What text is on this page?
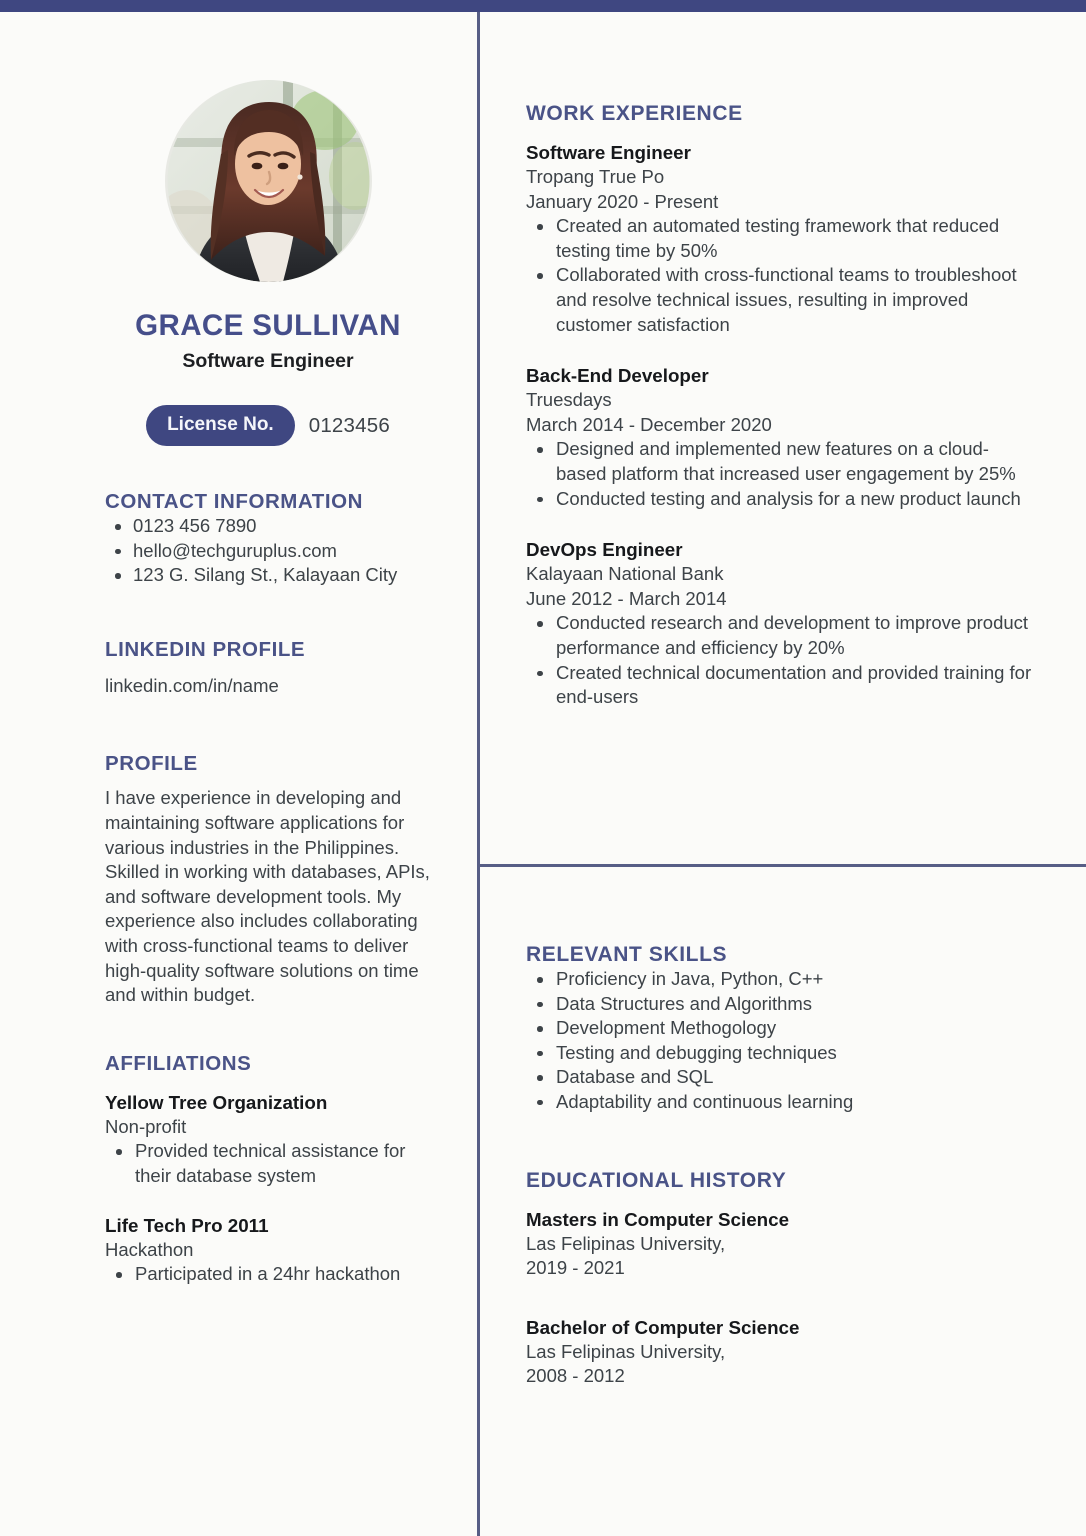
GRACE SULLIVAN
Software Engineer
License No.	0123456
CONTACT INFORMATION
0123 456 7890
hello@techguruplus.com
123 G. Silang St., Kalayaan City
LINKEDIN PROFILE
linkedin.com/in/name
PROFILE
I have experience in developing and maintaining software applications for various industries in the Philippines. Skilled in working with databases, APIs, and software development tools. My experience also includes collaborating with cross-functional teams to deliver high-quality software solutions on time and within budget.
AFFILIATIONS
Yellow Tree Organization
Non-profit
Provided technical assistance for their database system
Life Tech Pro 2011
Hackathon
Participated in a 24hr hackathon
WORK EXPERIENCE
Software Engineer
Tropang True Po
January 2020 - Present
Created an automated testing framework that reduced testing time by 50%
Collaborated with cross-functional teams to troubleshoot and resolve technical issues, resulting in improved customer satisfaction
Back-End Developer
Truesdays
March 2014 - December 2020
Designed and implemented new features on a cloud-based platform that increased user engagement by 25%
Conducted testing and analysis for a new product launch
DevOps Engineer
Kalayaan National Bank
June 2012 - March 2014
Conducted research and development to improve product performance and efficiency by 20%
Created technical documentation and provided training for end-users
RELEVANT SKILLS
Proficiency in Java, Python, C++
Data Structures and Algorithms
Development Methogology
Testing and debugging techniques
Database and SQL
Adaptability and continuous learning
EDUCATIONAL HISTORY
Masters in Computer Science
Las Felipinas University,
2019 - 2021
Bachelor of Computer Science
Las Felipinas University,
2008 - 2012
